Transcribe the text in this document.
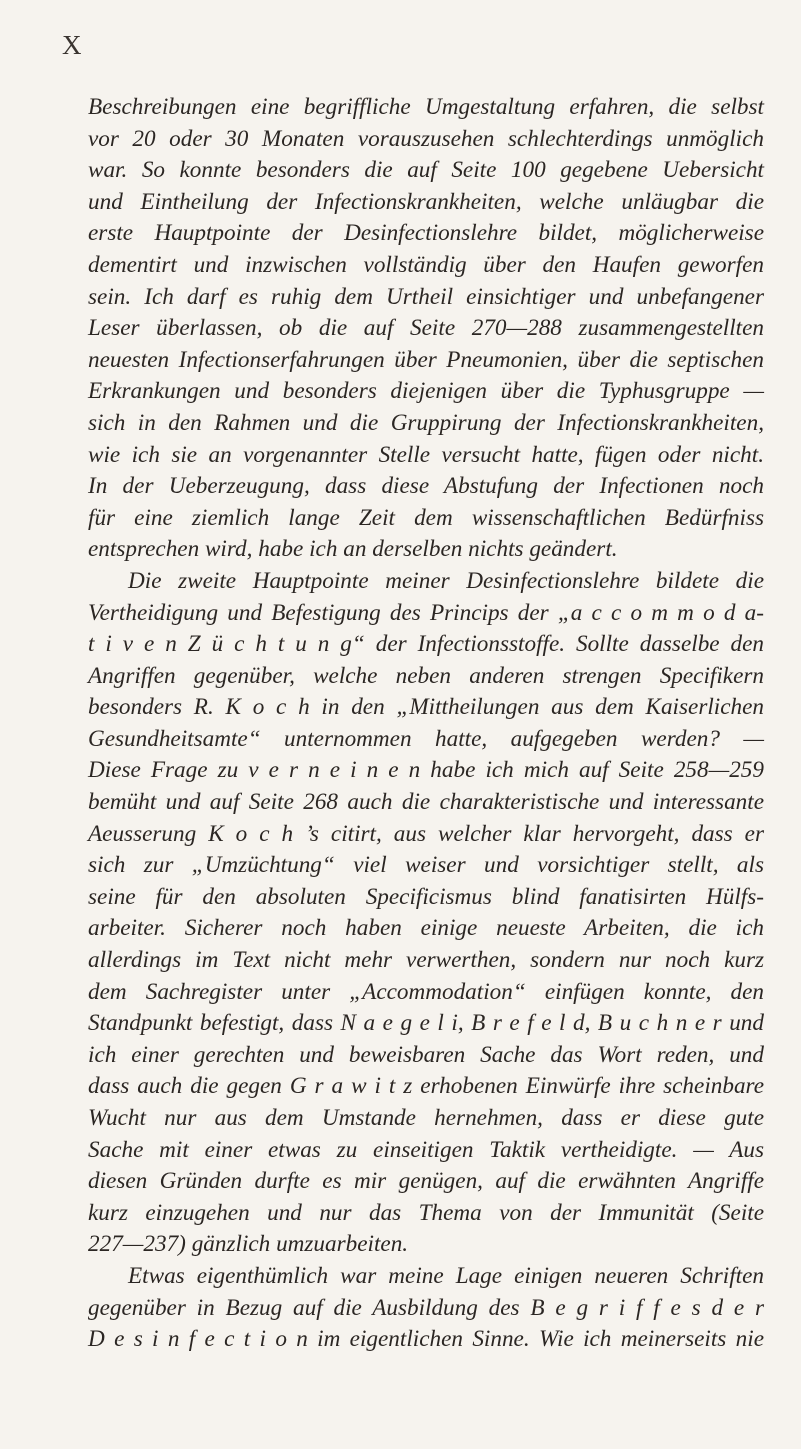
X
Beschreibungen eine begriffliche Umgestaltung erfahren, die selbst
vor 20 oder 30 Monaten vorauszusehen schlechterdings unmöglich
war. So konnte besonders die auf Seite 100 gegebene Uebersicht
und Eintheilung der Infectionskrankheiten, welche unläugbar die
erste Hauptpointe der Desinfectionslehre bildet, möglicherweise
dementirt und inzwischen vollständig über den Haufen geworfen
sein. Ich darf es ruhig dem Urtheil einsichtiger und unbefangener
Leser überlassen, ob die auf Seite 270—288 zusammengestellten
neuesten Infectionserfahrungen über Pneumonien, über die septischen
Erkrankungen und besonders diejenigen über die Typhusgruppe —
sich in den Rahmen und die Gruppirung der Infectionskrankheiten,
wie ich sie an vorgenannter Stelle versucht hatte, fügen oder nicht.
In der Ueberzeugung, dass diese Abstufung der Infectionen noch
für eine ziemlich lange Zeit dem wissenschaftlichen Bedürfniss
entsprechen wird, habe ich an derselben nichts geändert.
Die zweite Hauptpointe meiner Desinfectionslehre bildete die
Vertheidigung und Befestigung des Princips der „a c c o m m o d a-
t i v e n Z ü c h t u n g“ der Infectionsstoffe. Sollte dasselbe den
Angriffen gegenüber, welche neben anderen strengen Specifikern
besonders R. K o c h in den „Mittheilungen aus dem Kaiserlichen
Gesundheitsamte“ unternommen hatte, aufgegeben werden? —
Diese Frage zu v e r n e i n e n habe ich mich auf Seite 258—259
bemüht und auf Seite 268 auch die charakteristische und interessante
Aeusserung K o c h ’s citirt, aus welcher klar hervorgeht, dass er
sich zur „Umzüchtung“ viel weiser und vorsichtiger stellt, als
seine für den absoluten Specificismus blind fanatisirten Hülfs-
arbeiter. Sicherer noch haben einige neueste Arbeiten, die ich
allerdings im Text nicht mehr verwerthen, sondern nur noch kurz
dem Sachregister unter „Accommodation“ einfügen konnte, den
Standpunkt befestigt, dass N a e g e l i, B r e f e l d, B u c h n e r und
ich einer gerechten und beweisbaren Sache das Wort reden, und
dass auch die gegen G r a w i t z erhobenen Einwürfe ihre scheinbare
Wucht nur aus dem Umstande hernehmen, dass er diese gute
Sache mit einer etwas zu einseitigen Taktik vertheidigte. — Aus
diesen Gründen durfte es mir genügen, auf die erwähnten Angriffe
kurz einzugehen und nur das Thema von der Immunität (Seite
227—237) gänzlich umzuarbeiten.
Etwas eigenthümlich war meine Lage einigen neueren Schriften
gegenüber in Bezug auf die Ausbildung des B e g r i f f e s d e r
D e s i n f e c t i o n im eigentlichen Sinne. Wie ich meinerseits nie
